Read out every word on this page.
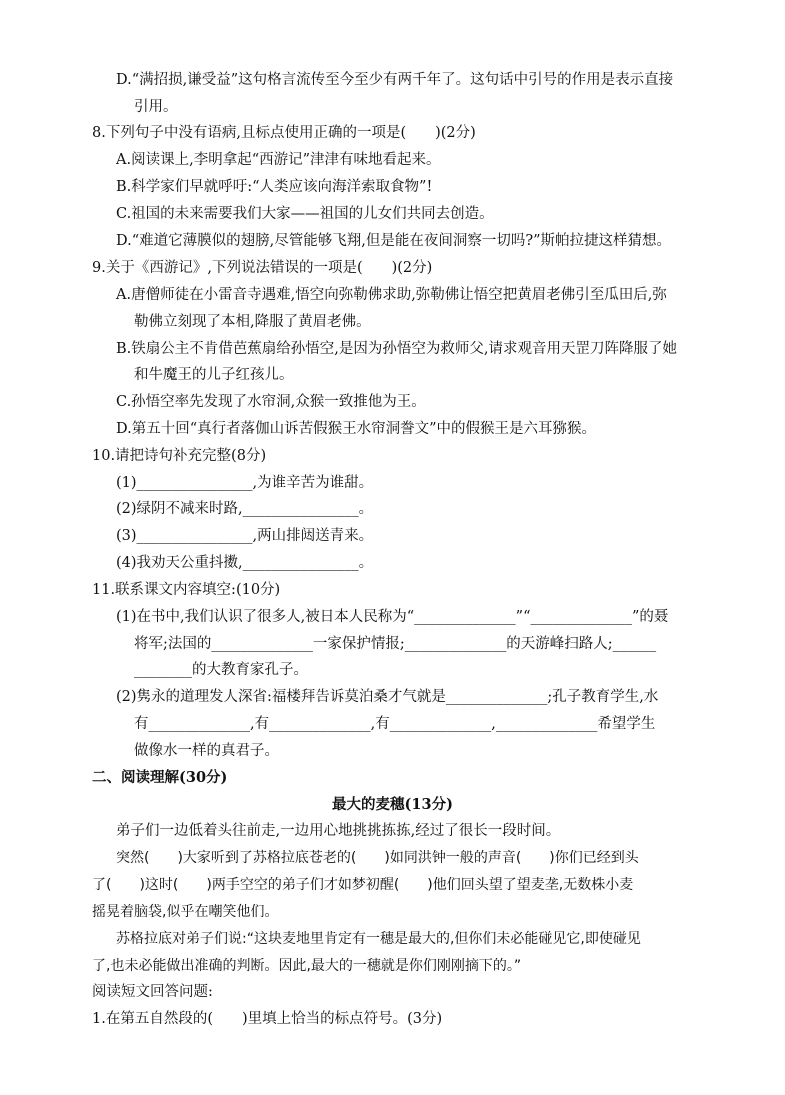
D.“满招损,谦受益”这句格言流传至今至少有两千年了。这句话中引号的作用是表示直接
引用。
8.下列句子中没有语病,且标点使用正确的一项是(　　)(2分)
A.阅读课上,李明拿起“西游记”津津有味地看起来。
B.科学家们早就呼吁:“人类应该向海洋索取食物”!
C.祖国的未来需要我们大家——祖国的儿女们共同去创造。
D.“难道它薄膜似的翅膀,尽管能够飞翔,但是能在夜间洞察一切吗?”斯帕拉捷这样猜想。
9.关于《西游记》,下列说法错误的一项是(　　)(2分)
A.唐僧师徒在小雷音寺遇难,悟空向弥勒佛求助,弥勒佛让悟空把黄眉老佛引至瓜田后,弥
勒佛立刻现了本相,降服了黄眉老佛。
B.铁扇公主不肯借芭蕉扇给孙悟空,是因为孙悟空为救师父,请求观音用天罡刀阵降服了她
和牛魔王的儿子红孩儿。
C.孙悟空率先发现了水帘洞,众猴一致推他为王。
D.第五十回“真行者落伽山诉苦假猴王水帘洞誊文”中的假猴王是六耳猕猴。
10.请把诗句补充完整(8分)
(1)________________,为谁辛苦为谁甜。
(2)绿阴不减来时路,________________。
(3)________________,两山排闼送青来。
(4)我劝天公重抖擞,________________。
11.联系课文内容填空:(10分)
(1)在书中,我们认识了很多人,被日本人民称为“______________”“______________”的聂
将军;法国的______________一家保护情报;______________的天游峰扫路人;______
________的大教育家孔子。
(2)隽永的道理发人深省:福楼拜告诉莫泊桑才气就是______________;孔子教育学生,水
有______________,有______________,有______________,______________希望学生
做像水一样的真君子。
二、阅读理解(30分)
最大的麦穗(13分)
弟子们一边低着头往前走,一边用心地挑挑拣拣,经过了很长一段时间。
突然(　　)大家听到了苏格拉底苍老的(　　)如同洪钟一般的声音(　　)你们已经到头
了(　　)这时(　　)两手空空的弟子们才如梦初醒(　　)他们回头望了望麦垄,无数株小麦
摇晃着脑袋,似乎在嘲笑他们。
苏格拉底对弟子们说:“这块麦地里肯定有一穗是最大的,但你们未必能碰见它,即使碰见
了,也未必能做出准确的判断。因此,最大的一穗就是你们刚刚摘下的。”
阅读短文回答问题:
1.在第五自然段的(　　)里填上恰当的标点符号。(3分)
